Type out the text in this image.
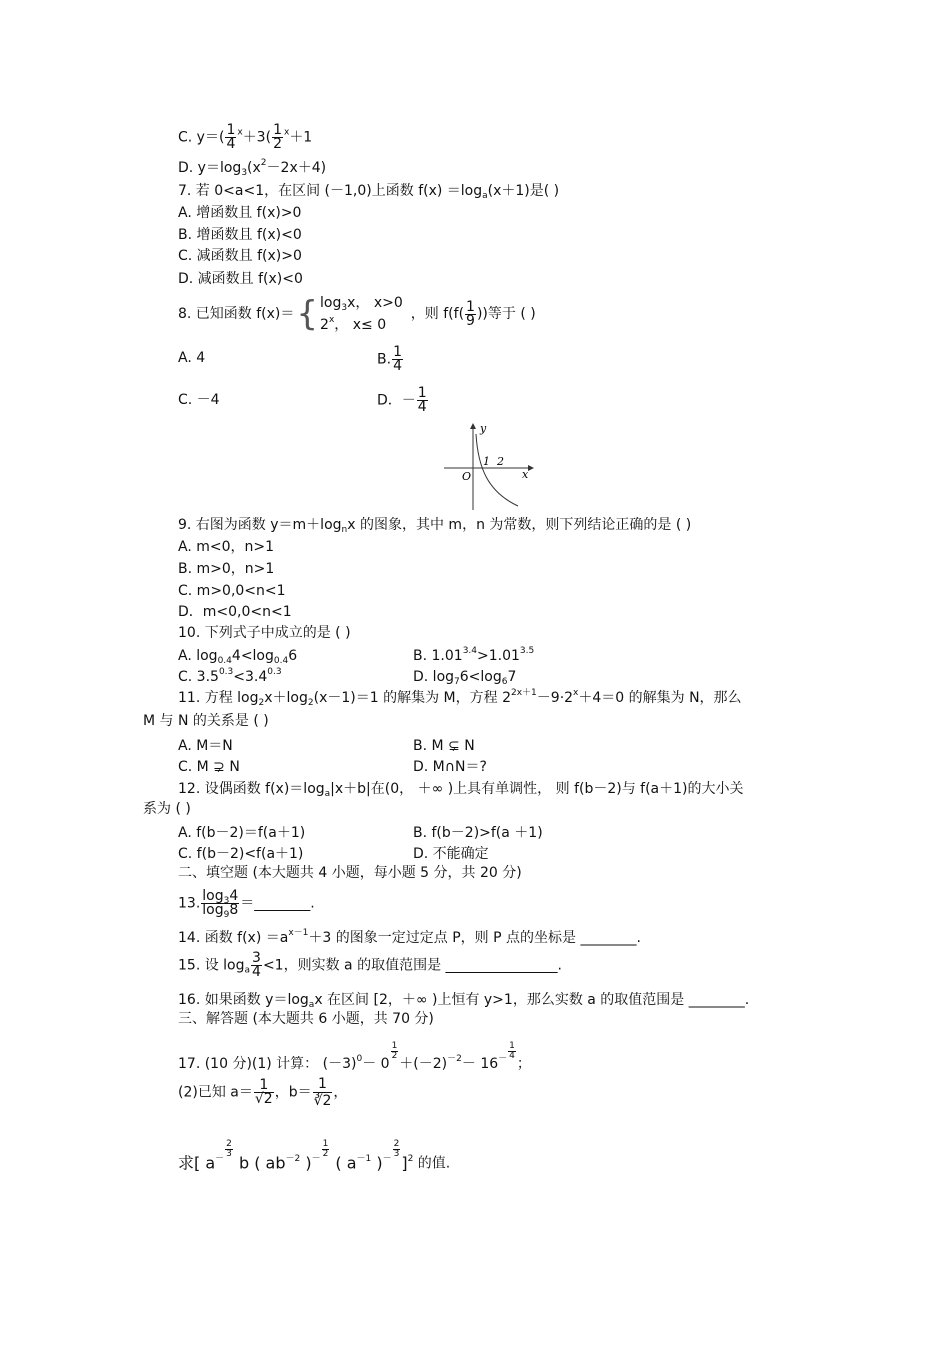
C. $y=( \frac{1}{4} ^x+3( \frac{1}{2} ^x+1$
D. $y=\log_3(x^2-2x+4)$
7. 若 0<a<1，在区间 (－1,0)上函数 $f(x) =\log_a(x+1)$是( )
A. 增函数且 f(x)>0
B. 增函数且 f(x)<0
C. 减函数且 f(x)>0
D. 减函数且 f(x)<0
8. 已知函数 f(x)＝{ $\log_3x$， x>0
2$^x$， x≤ 0
，则 $f(f( \frac{1}{9}$ ))等于 ( )
A. 4	B. $\frac{1}{4}$
C. －4	D．－ $\frac{1}{4}$
y
x
O
1 2
9. 右图为函数 $y=m+\log_nx$ 的图象，其中 m，n 为常数，则下列结论正确的是 ( )
A. m<0，n>1
B. m>0，n>1
C. m>0,0<n<1
D．m<0,0<n<1
10. 下列式子中成立的是 ( )
A. $\log_{0.4}4<\log_{0.4}6$	B. $1.01^{3.4}>1.01^{3.5}$
C. $3.5^{0.3}<3.4^{0.3}$	D. $\log_76<\log_67$
11. 方程 $\log_2x+\log_2(x-1)=1$ 的解集为 M，方程 $2^{2x+1}-9\cdot 2^x+4=0$ 的解集为 N，那么
M 与 N 的关系是 ( )
A. M＝N	B. M ⊊ N
C. M ⊋ N	D. M∩N＝?
12. 设偶函数 $f(x)=\log_a|x+b|$在(0， ＋∞ )上具有单调性， 则 f(b－2)与 f(a＋1)的大小关
系为 ( )
A. f(b－2)＝f(a＋1)	B. f(b－2)>f(a ＋1)
C. f(b－2)<f(a＋1)	D. 不能确定
二、填空题 (本大题共 4 小题，每小题 5 分，共 20 分)
13. $\frac{\log_34}{\log_98}$ ＝________.
14. 函数 $f(x) =a^{x-1}+3$ 的图象一定过定点 P，则 P 点的坐标是 ________.
15. 设 $\log_a \frac{3}{4} <1$，则实数 a 的取值范围是 ________________.
16. 如果函数 $y=\log_ax$ 在区间 [2，＋∞ )上恒有 y>1，那么实数 a 的取值范围是 ________.
三、解答题 (本大题共 6 小题，共 70 分)
17. (10 分)(1) 计算： $(-3)^0- 0$
$\frac{1}{2}$
$+(-2)^{-2}- 16^- \frac{1}{4}$
；
(2)已知 $a= \frac{1}{√2}$ ，$b= \frac{1}{∛2}$ ，
求[ $a^- \frac{2}{3}$
b ( $ab^{-2}$ )$^- \frac{1}{2}$
( $a^{-1}$ )$^- \frac{2}{3}$
]$^2$ 的值.
